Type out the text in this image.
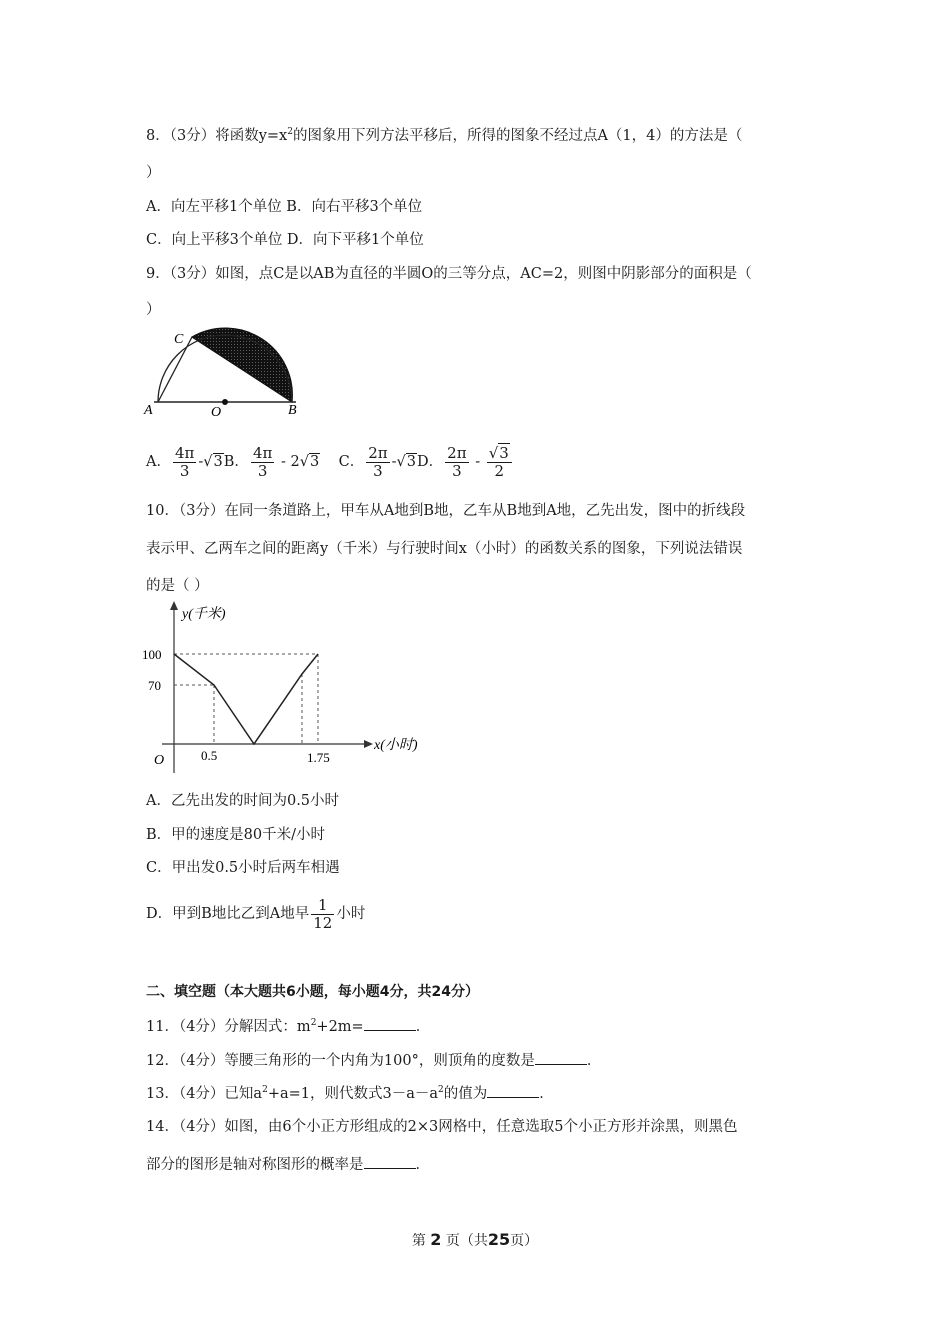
8．（3分）将函数$y=x^2$的图象用下列方法平移后，所得的图象不经过点A（1，4）的方法是（
）
A．向左平移1个单位 B．向右平移3个单位
C．向上平移3个单位 D．向下平移1个单位
9．（3分）如图，点C是以AB为直径的半圆O的三等分点，AC=2，则图中阴影部分的面积是（
）
C
A	O	B
A． $\frac{4\pi}{3} -√3B$． $\frac{4\pi}{3} - 2√3$ C． $\frac{2\pi}{3} -√3D$． $\frac{2\pi}{3} - \frac{√3}{2}$
10．（3分）在同一条道路上，甲车从A地到B地，乙车从B地到A地，乙先出发，图中的折线段
表示甲、乙两车之间的距离y（千米）与行驶时间x（小时）的函数关系的图象，下列说法错误
的是（ ）
y(千米)
100
70
O	0.5	1.75
x(小时)
A．乙先出发的时间为0.5小时
B．甲的速度是80千米/小时
C．甲出发0.5小时后两车相遇
D．甲到B地比乙到A地早 $\frac{1}{12}$ 小时
二、填空题（本大题共6小题，每小题4分，共24分）
11．（4分）分解因式：$m^2+2m=$	．
12．（4分）等腰三角形的一个内角为100°，则顶角的度数是	．
13．（4分）已知$a^2+a=1$，则代数式$3-a-a^2$的值为	．
14．（4分）如图，由6个小正方形组成的2×3网格中，任意选取5个小正方形并涂黑，则黑色
部分的图形是轴对称图形的概率是	．
第 2 页（共25页）
